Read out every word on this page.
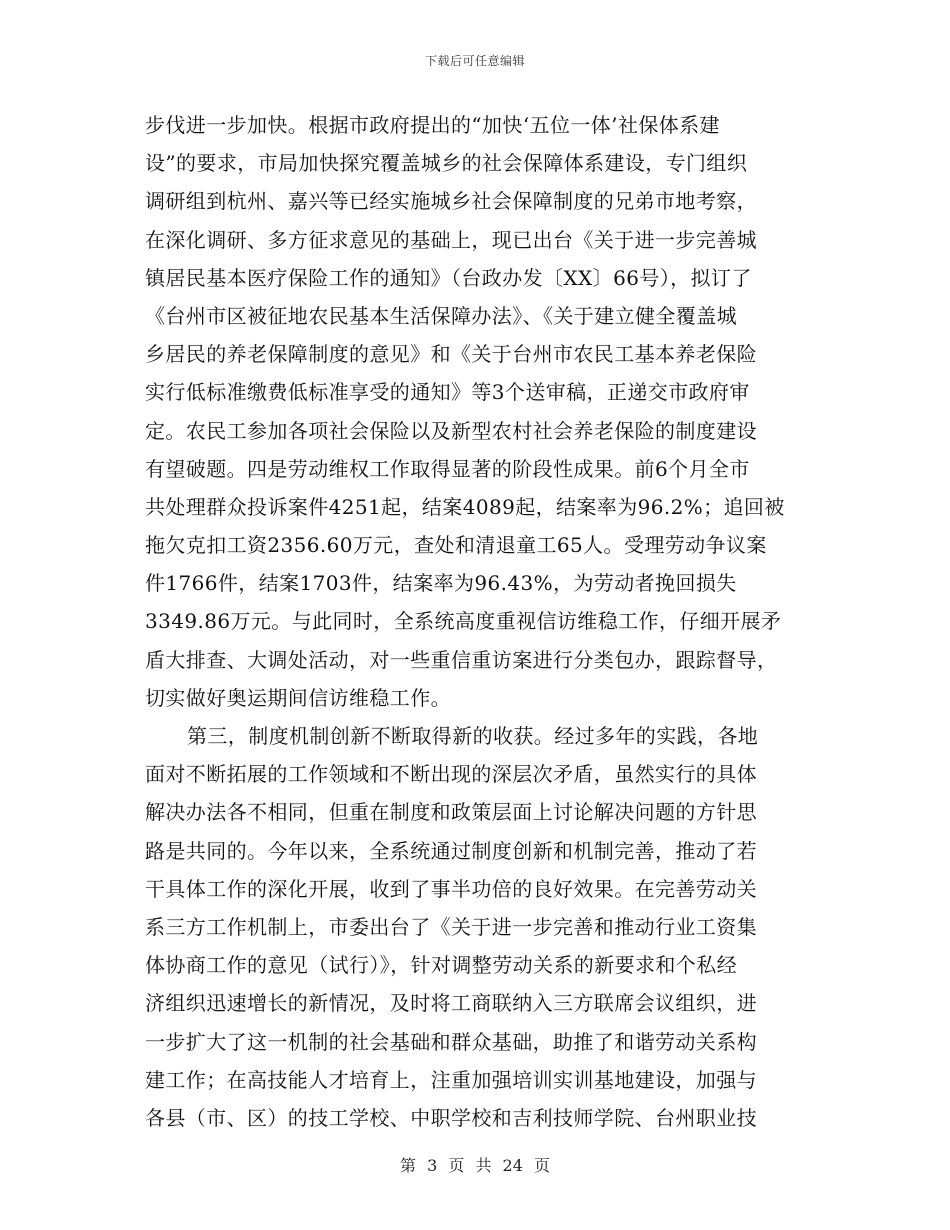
下载后可任意编辑
步伐进一步加快。根据市政府提出的“加快‘五位一体’社保体系建
设”的要求，市局加快探究覆盖城乡的社会保障体系建设，专门组织
调研组到杭州、嘉兴等已经实施城乡社会保障制度的兄弟市地考察，
在深化调研、多方征求意见的基础上，现已出台《关于进一步完善城
镇居民基本医疗保险工作的通知》（台政办发〔XX〕66号），拟订了
《台州市区被征地农民基本生活保障办法》、《关于建立健全覆盖城
乡居民的养老保障制度的意见》和《关于台州市农民工基本养老保险
实行低标准缴费低标准享受的通知》等3个送审稿，正递交市政府审
定。农民工参加各项社会保险以及新型农村社会养老保险的制度建设
有望破题。四是劳动维权工作取得显著的阶段性成果。前6个月全市
共处理群众投诉案件4251起，结案4089起，结案率为96.2%；追回被
拖欠克扣工资2356.60万元，查处和清退童工65人。受理劳动争议案
件1766件，结案1703件，结案率为96.43%，为劳动者挽回损失
3349.86万元。与此同时，全系统高度重视信访维稳工作，仔细开展矛
盾大排查、大调处活动，对一些重信重访案进行分类包办，跟踪督导，
切实做好奥运期间信访维稳工作。
第三，制度机制创新不断取得新的收获。经过多年的实践，各地
面对不断拓展的工作领域和不断出现的深层次矛盾，虽然实行的具体
解决办法各不相同，但重在制度和政策层面上讨论解决问题的方针思
路是共同的。今年以来，全系统通过制度创新和机制完善，推动了若
干具体工作的深化开展，收到了事半功倍的良好效果。在完善劳动关
系三方工作机制上，市委出台了《关于进一步完善和推动行业工资集
体协商工作的意见（试行）》，针对调整劳动关系的新要求和个私经
济组织迅速增长的新情况，及时将工商联纳入三方联席会议组织，进
一步扩大了这一机制的社会基础和群众基础，助推了和谐劳动关系构
建工作；在高技能人才培育上，注重加强培训实训基地建设，加强与
各县（市、区）的技工学校、中职学校和吉利技师学院、台州职业技
第 3 页 共 24 页
